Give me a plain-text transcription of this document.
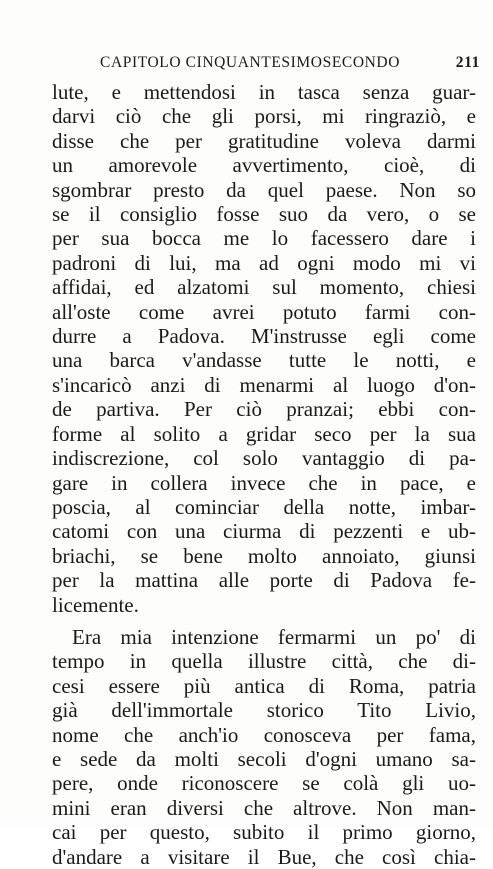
CAPITOLO CINQUANTESIMOSECONDO	211
lute, e mettendosi in tasca senza guar-
darvi ciò che gli porsi, mi ringraziò, e
disse che per gratitudine voleva darmi
un amorevole avvertimento, cioè, di
sgombrar presto da quel paese. Non so
se il consiglio fosse suo da vero, o se
per sua bocca me lo facessero dare i
padroni di lui, ma ad ogni modo mi vi
affidai, ed alzatomi sul momento, chiesi
all'oste come avrei potuto farmi con-
durre a Padova. M'instrusse egli come
una barca v'andasse tutte le notti, e
s'incaricò anzi di menarmi al luogo d'on-
de partiva. Per ciò pranzai; ebbi con-
forme al solito a gridar seco per la sua
indiscrezione, col solo vantaggio di pa-
gare in collera invece che in pace, e
poscia, al cominciar della notte, imbar-
catomi con una ciurma di pezzenti e ub-
briachi, se bene molto annoiato, giunsi
per la mattina alle porte di Padova fe-
licemente.
Era mia intenzione fermarmi un po' di
tempo in quella illustre città, che di-
cesi essere più antica di Roma, patria
già dell'immortale storico Tito Livio,
nome che anch'io conosceva per fama,
e sede da molti secoli d'ogni umano sa-
pere, onde riconoscere se colà gli uo-
mini eran diversi che altrove. Non man-
cai per questo, subito il primo giorno,
d'andare a visitare il Bue, che così chia-
